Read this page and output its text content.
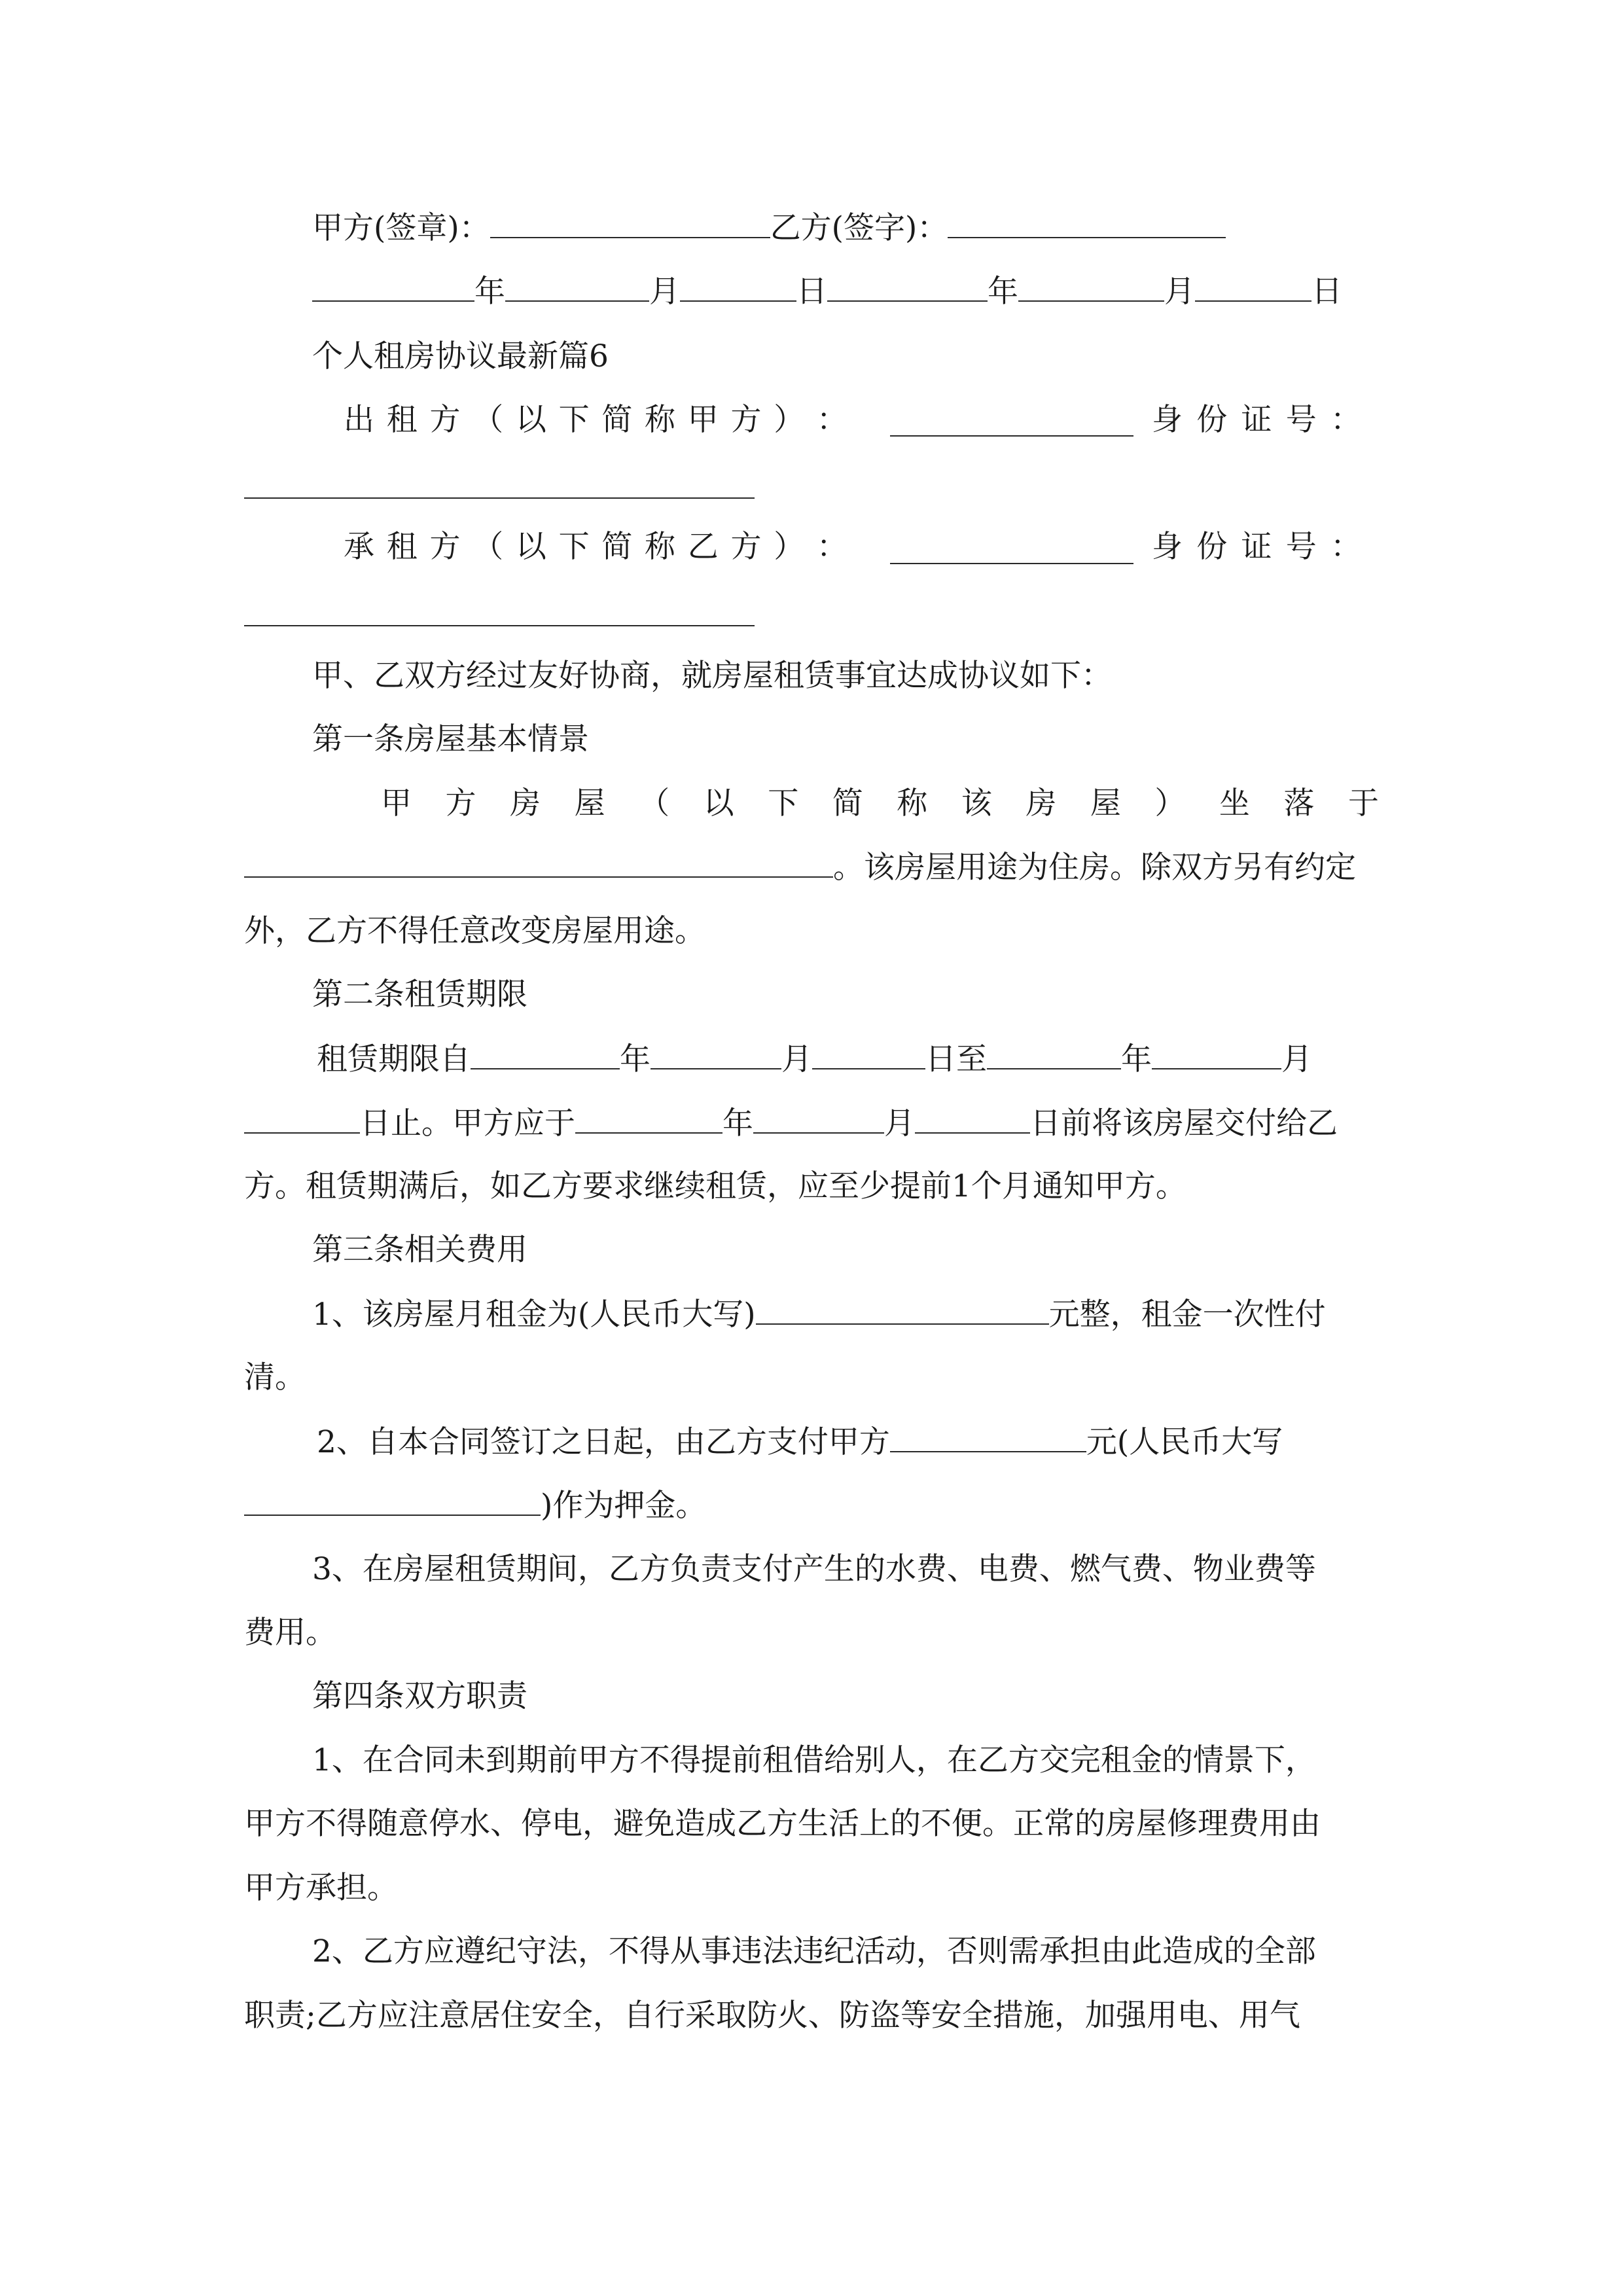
甲方(签章)：	乙方(签字)：
年	月	日	年	月	日
个人租房协议最新篇6
出 租 方 （ 以 下 简 称 甲 方 ） ：	身 份 证 号 ：
承 租 方 （ 以 下 简 称 乙 方 ） ：	身 份 证 号 ：
甲、乙双方经过友好协商，就房屋租赁事宜达成协议如下：
第一条房屋基本情景
甲 方 房 屋 （ 以 下 简 称 该 房 屋 ） 坐 落 于
。该房屋用途为住房。除双方另有约定
外，乙方不得任意改变房屋用途。
第二条租赁期限
租赁期限自	年	月	日至	年	月
日止。甲方应于	年	月	日前将该房屋交付给乙
方。租赁期满后，如乙方要求继续租赁，应至少提前1个月通知甲方。
第三条相关费用
1、该房屋月租金为(人民币大写)	元整，租金一次性付
清。
2、自本合同签订之日起，由乙方支付甲方	元(人民币大写
)作为押金。
3、在房屋租赁期间，乙方负责支付产生的水费、电费、燃气费、物业费等
费用。
第四条双方职责
1、在合同未到期前甲方不得提前租借给别人，在乙方交完租金的情景下，
甲方不得随意停水、停电，避免造成乙方生活上的不便。正常的房屋修理费用由
甲方承担。
2、乙方应遵纪守法，不得从事违法违纪活动，否则需承担由此造成的全部
职责;乙方应注意居住安全，自行采取防火、防盗等安全措施，加强用电、用气
